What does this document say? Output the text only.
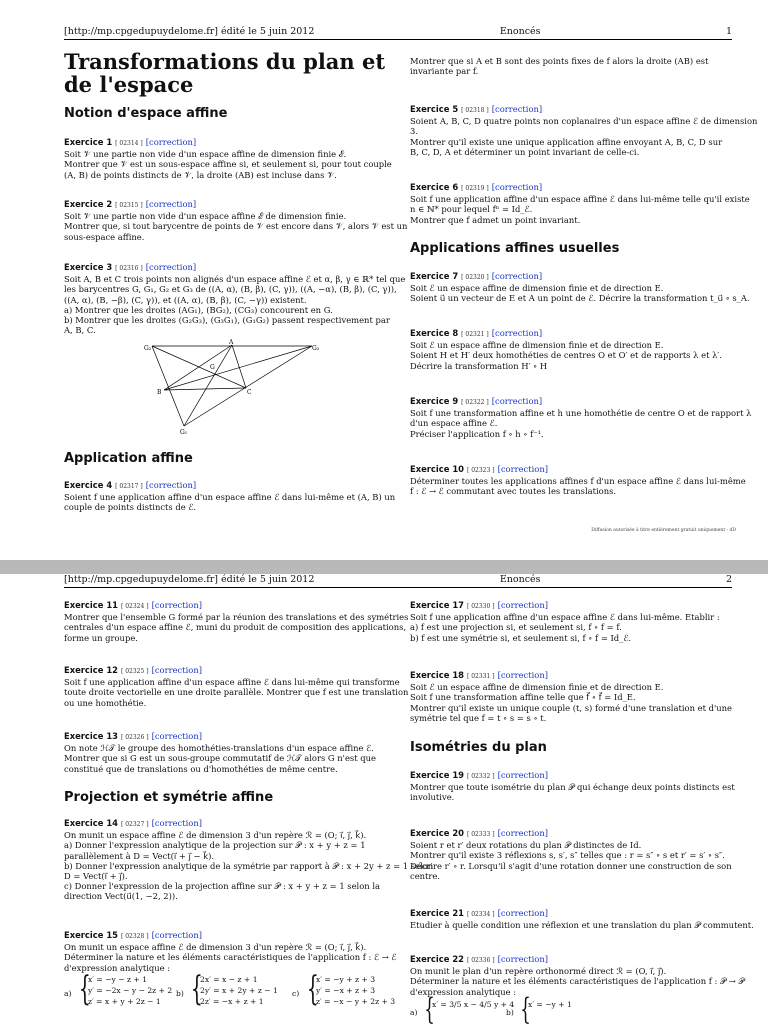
[http://mp.cpgedupuydelome.fr] édité le 5 juin 2012	Enoncés	1
Transformations du plan et de l'espace
Notion d'espace affine
Exercice 1 [ 02314 ] [correction]
Soit 𝒱 une partie non vide d'un espace affine de dimension finie ℰ.
Montrer que 𝒱 est un sous-espace affine si, et seulement si, pour tout couple
(A, B) de points distincts de 𝒱, la droite (AB) est incluse dans 𝒱.
Exercice 2 [ 02315 ] [correction]
Soit 𝒱 une partie non vide d'un espace affine ℰ de dimension finie.
Montrer que, si tout barycentre de points de 𝒱 est encore dans 𝒱, alors 𝒱 est un
sous-espace affine.
Exercice 3 [ 02316 ] [correction]
Soit A, B et C trois points non alignés d'un espace affine ℰ et α, β, γ ∈ ℝ* tel que
les barycentres G, G₁, G₂ et G₃ de ((A, α), (B, β), (C, γ)), ((A, −α), (B, β), (C, γ)),
((A, α), (B, −β), (C, γ)), et ((A, α), (B, β), (C, −γ)) existent.
a) Montrer que les droites (AG₁), (BG₂), (CG₃) concourent en G.
b) Montrer que les droites (G₂G₃), (G₃G₁), (G₁G₂) passent respectivement par
A, B, C.
G₂	G₃
A
B	C
G
G₁
Application affine
Exercice 4 [ 02317 ] [correction]
Soient f une application affine d'un espace affine ℰ dans lui-même et (A, B) un
couple de points distincts de ℰ.
Montrer que si A et B sont des points fixes de f alors la droite (AB) est
invariante par f.
Exercice 5 [ 02318 ] [correction]
Soient A, B, C, D quatre points non coplanaires d'un espace affine ℰ de dimension
3.
Montrer qu'il existe une unique application affine envoyant A, B, C, D sur
B, C, D, A et déterminer un point invariant de celle-ci.
Exercice 6 [ 02319 ] [correction]
Soit f une application affine d'un espace affine ℰ dans lui-même telle qu'il existe
n ∈ ℕ* pour lequel fⁿ = Id_ℰ.
Montrer que f admet un point invariant.
Applications affines usuelles
Exercice 7 [ 02320 ] [correction]
Soit ℰ un espace affine de dimension finie et de direction E.
Soient u⃗ un vecteur de E et A un point de ℰ. Décrire la transformation t_u⃗ ∘ s_A.
Exercice 8 [ 02321 ] [correction]
Soit ℰ un espace affine de dimension finie et de direction E.
Soient H et H′ deux homothéties de centres O et O′ et de rapports λ et λ′.
Décrire la transformation H′ ∘ H
Exercice 9 [ 02322 ] [correction]
Soit f une transformation affine et h une homothétie de centre O et de rapport λ
d'un espace affine ℰ.
Préciser l'application f ∘ h ∘ f⁻¹.
Exercice 10 [ 02323 ] [correction]
Déterminer toutes les applications affines f d'un espace affine ℰ dans lui-même
f : ℰ → ℰ commutant avec toutes les translations.
Diffusion autorisée à titre entièrement gratuit uniquement - dD
[http://mp.cpgedupuydelome.fr] édité le 5 juin 2012	Enoncés	2
Exercice 11 [ 02324 ] [correction]
Montrer que l'ensemble G formé par la réunion des translations et des symétries
centrales d'un espace affine ℰ, muni du produit de composition des applications,
forme un groupe.
Exercice 12 [ 02325 ] [correction]
Soit f une application affine d'un espace affine ℰ dans lui-même qui transforme
toute droite vectorielle en une droite parallèle. Montrer que f est une translation
ou une homothétie.
Exercice 13 [ 02326 ] [correction]
On note ℋ𝒯 le groupe des homothéties-translations d'un espace affine ℰ.
Montrer que si G est un sous-groupe commutatif de ℋ𝒯 alors G n'est que
constitué que de translations ou d'homothéties de même centre.
Projection et symétrie affine
Exercice 14 [ 02327 ] [correction]
On munit un espace affine ℰ de dimension 3 d'un repère ℛ = (O; i⃗, j⃗, k⃗).
a) Donner l'expression analytique de la projection sur 𝒫 : x + y + z = 1
parallèlement à D = Vect(i⃗ + j⃗ − k⃗).
b) Donner l'expression analytique de la symétrie par rapport à 𝒫 : x + 2y + z = 1 selon
D = Vect(i⃗ + j⃗).
c) Donner l'expression de la projection affine sur 𝒫 : x + y + z = 1 selon la
direction Vect(u⃗(1, −2, 2)).
Exercice 15 [ 02328 ] [correction]
On munit un espace affine ℰ de dimension 3 d'un repère ℛ = (O; i⃗, j⃗, k⃗).
Déterminer la nature et les éléments caractéristiques de l'application f : ℰ → ℰ
d'expression analytique :
a) {
x′ = −y − z + 1
y′ = −2x − y − 2z + 2
z′ = x + y + 2z − 1
b) {
2x′ = x − z + 1
2y′ = x + 2y + z − 1
2z′ = −x + z + 1
c) {
x′ = −y + z + 3
y′ = −x + z + 3
z′ = −x − y + 2z + 3
Exercice 17 [ 02330 ] [correction]
Soit f une application affine d'un espace affine ℰ dans lui-même. Etablir :
a) f est une projection si, et seulement si, f ∘ f = f.
b) f est une symétrie si, et seulement si, f ∘ f = Id_ℰ.
Exercice 18 [ 02331 ] [correction]
Soit ℰ un espace affine de dimension finie et de direction E.
Soit f une transformation affine telle que f⃗ ∘ f⃗ = Id_E.
Montrer qu'il existe un unique couple (t, s) formé d'une translation et d'une
symétrie tel que f = t ∘ s = s ∘ t.
Isométries du plan
Exercice 19 [ 02332 ] [correction]
Montrer que toute isométrie du plan 𝒫 qui échange deux points distincts est
involutive.
Exercice 20 [ 02333 ] [correction]
Soient r et r′ deux rotations du plan 𝒫 distinctes de Id.
Montrer qu'il existe 3 réflexions s, s′, s″ telles que : r = s″ ∘ s et r′ = s′ ∘ s″.
Décrire r′ ∘ r. Lorsqu'il s'agit d'une rotation donner une construction de son
centre.
Exercice 21 [ 02334 ] [correction]
Etudier à quelle condition une réflexion et une translation du plan 𝒫 commutent.
Exercice 22 [ 02336 ] [correction]
On munit le plan d'un repère orthonormé direct ℛ = (O, i⃗, j⃗).
Déterminer la nature et les éléments caractéristiques de l'application f : 𝒫 → 𝒫
d'expression analytique :
a) {
x′ = 3/5 x − 4/5 y + 4
b) {
x′ = −y + 1
